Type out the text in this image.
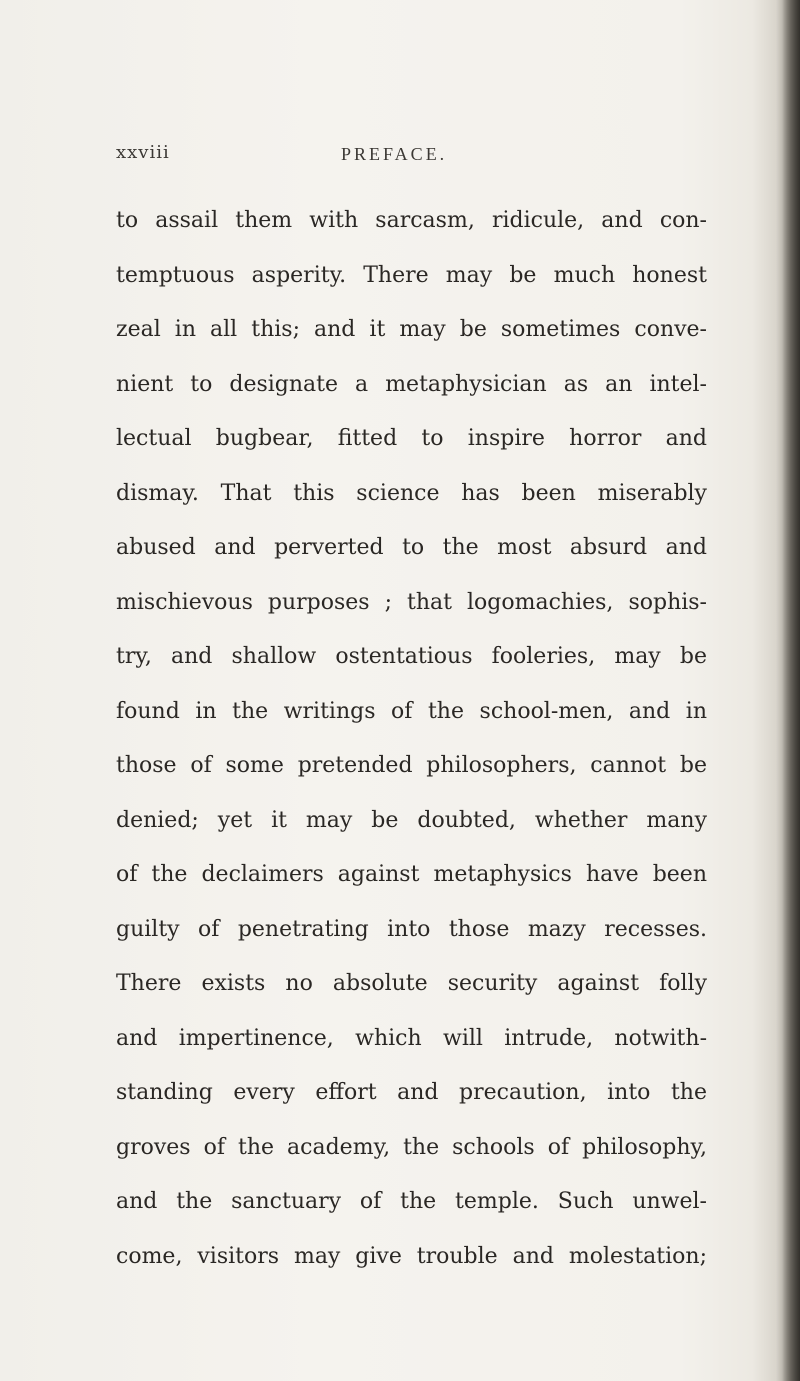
xxviii	PREFACE.
to assail them with sarcasm, ridicule, and con-
temptuous asperity. There may be much honest
zeal in all this; and it may be sometimes conve-
nient to designate a metaphysician as an intel-
lectual bugbear, fitted to inspire horror and
dismay. That this science has been miserably
abused and perverted to the most absurd and
mischievous purposes ; that logomachies, sophis-
try, and shallow ostentatious fooleries, may be
found in the writings of the school-men, and in
those of some pretended philosophers, cannot be
denied; yet it may be doubted, whether many
of the declaimers against metaphysics have been
guilty of penetrating into those mazy recesses.
There exists no absolute security against folly
and impertinence, which will intrude, notwith-
standing every effort and precaution, into the
groves of the academy, the schools of philosophy,
and the sanctuary of the temple. Such unwel-
come, visitors may give trouble and molestation;
